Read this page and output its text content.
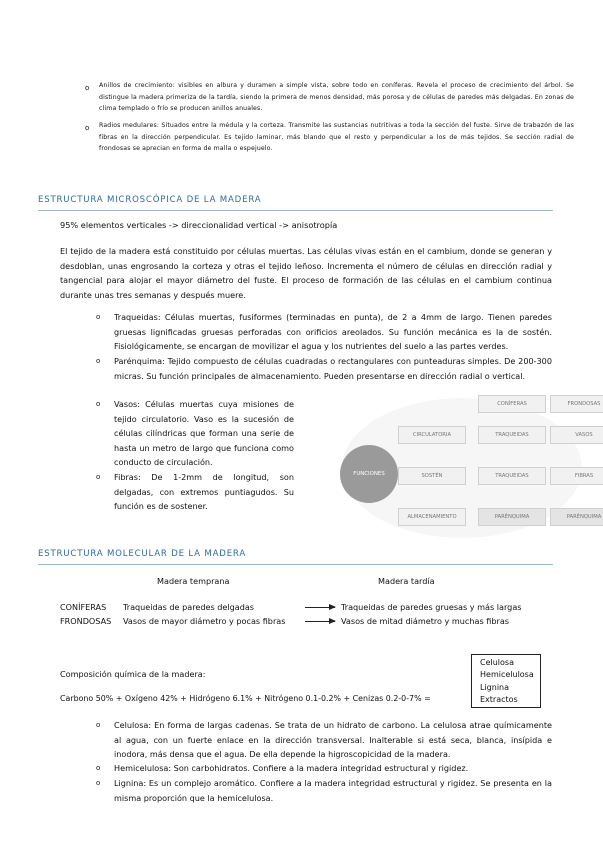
o Anillos de crecimiento: visibles en albura y duramen a simple vista, sobre todo en coníferas. Revela el proceso de crecimiento del árbol. Se distingue la madera primeriza de la tardía, siendo la primera de menos densidad, más porosa y de células de paredes más delgadas. En zonas de clima templado o frío se producen anillos anuales.
o Radios medulares: Situados entre la médula y la corteza. Transmite las sustancias nutritivas a toda la sección del fuste. Sirve de trabazón de las fibras en la dirección perpendicular. Es tejido laminar, más blando que el resto y perpendicular a los de más tejidos. Se sección radial de frondosas se aprecian en forma de malla o espejuelo.
ESTRUCTURA MICROSCÓPICA DE LA MADERA
95% elementos verticales -> direccionalidad vertical -> anisotropía
El tejido de la madera está constituido por células muertas. Las células vivas están en el cambium, donde se generan y desdoblan, unas engrosando la corteza y otras el tejido leñoso. Incrementa el número de células en dirección radial y tangencial para alojar el mayor diámetro del fuste. El proceso de formación de las células en el cambium continua durante unas tres semanas y después muere.
o Traqueidas: Células muertas, fusiformes (terminadas en punta), de 2 a 4mm de largo. Tienen paredes gruesas lignificadas gruesas perforadas con orificios areolados. Su función mecánica es la de sostén. Fisiológicamente, se encargan de movilizar el agua y los nutrientes del suelo a las partes verdes.
o Parénquima: Tejido compuesto de células cuadradas o rectangulares con punteaduras simples. De 200-300 micras. Su función principales de almacenamiento. Pueden presentarse en dirección radial o vertical.
o Vasos: Células muertas cuya misiones de tejido circulatorio. Vaso es la sucesión de células cilíndricas que forman una serie de hasta un metro de largo que funciona como conducto de circulación.
o Fibras: De 1-2mm de longitud, son delgadas, con extremos puntiagudos. Su función es de sostener.
FUNCIONES
CONÍFERAS	FRONDOSAS
CIRCULATORIA	TRAQUEIDAS	VASOS
SOSTÉN	TRAQUEIDAS	FIBRAS
ALMACENAMIENTO	PARÉNQUIMA	PARÉNQUIMA
ESTRUCTURA MOLECULAR DE LA MADERA
Madera temprana	Madera tardía
CONÍFERAS Traqueidas de paredes delgadas	Traqueidas de paredes gruesas y más largas
FRONDOSAS Vasos de mayor diámetro y pocas fibras	Vasos de mitad diámetro y muchas fibras
Composición química de la madera:
Carbono 50% + Oxígeno 42% + Hidrógeno 6.1% + Nitrógeno 0.1-0.2% + Cenizas 0.2-0-7% =
Celulosa
Hemicelulosa
Lignina
Extractos
o Celulosa: En forma de largas cadenas. Se trata de un hidrato de carbono. La celulosa atrae químicamente al agua, con un fuerte enlace en la dirección transversal. Inalterable si está seca, blanca, insípida e inodora, más densa que el agua. De ella depende la higroscopicidad de la madera.
o Hemicelulosa: Son carbohidratos. Confiere a la madera integridad estructural y rigidez.
o Lignina: Es un complejo aromático. Confiere a la madera integridad estructural y rigidez. Se presenta en la misma proporción que la hemicelulosa.
